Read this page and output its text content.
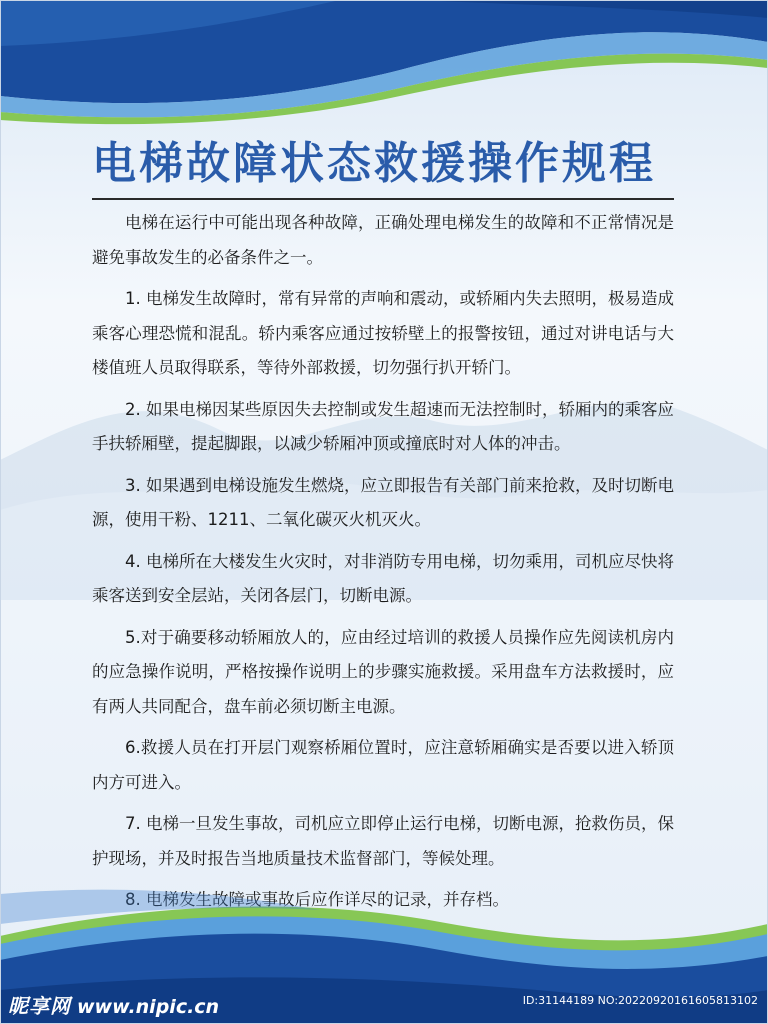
电梯故障状态救援操作规程

电梯在运行中可能出现各种故障，正确处理电梯发生的故障和不正常情况是避免事故发生的必备条件之一。

1. 电梯发生故障时，常有异常的声响和震动，或轿厢内失去照明，极易造成乘客心理恐慌和混乱。轿内乘客应通过按轿壁上的报警按钮，通过对讲电话与大楼值班人员取得联系，等待外部救援，切勿强行扒开轿门。

2. 如果电梯因某些原因失去控制或发生超速而无法控制时，轿厢内的乘客应手扶轿厢壁，提起脚跟，以减少轿厢冲顶或撞底时对人体的冲击。

3. 如果遇到电梯设施发生燃烧，应立即报告有关部门前来抢救，及时切断电源，使用干粉、1211、二氧化碳灭火机灭火。

4. 电梯所在大楼发生火灾时，对非消防专用电梯，切勿乘用，司机应尽快将乘客送到安全层站，关闭各层门，切断电源。

5.对于确要移动轿厢放人的，应由经过培训的救援人员操作应先阅读机房内的应急操作说明，严格按操作说明上的步骤实施救援。采用盘车方法救援时，应有两人共同配合，盘车前必须切断主电源。

6.救援人员在打开层门观察桥厢位置时，应注意轿厢确实是否要以进入轿顶内方可进入。

7. 电梯一旦发生事故，司机应立即停止运行电梯，切断电源，抢救伤员，保护现场，并及时报告当地质量技术监督部门，等候处理。

8. 电梯发生故障或事故后应作详尽的记录，并存档。

昵享网 www.nipic.cn	ID:31144189 NO:20220920161605813102
